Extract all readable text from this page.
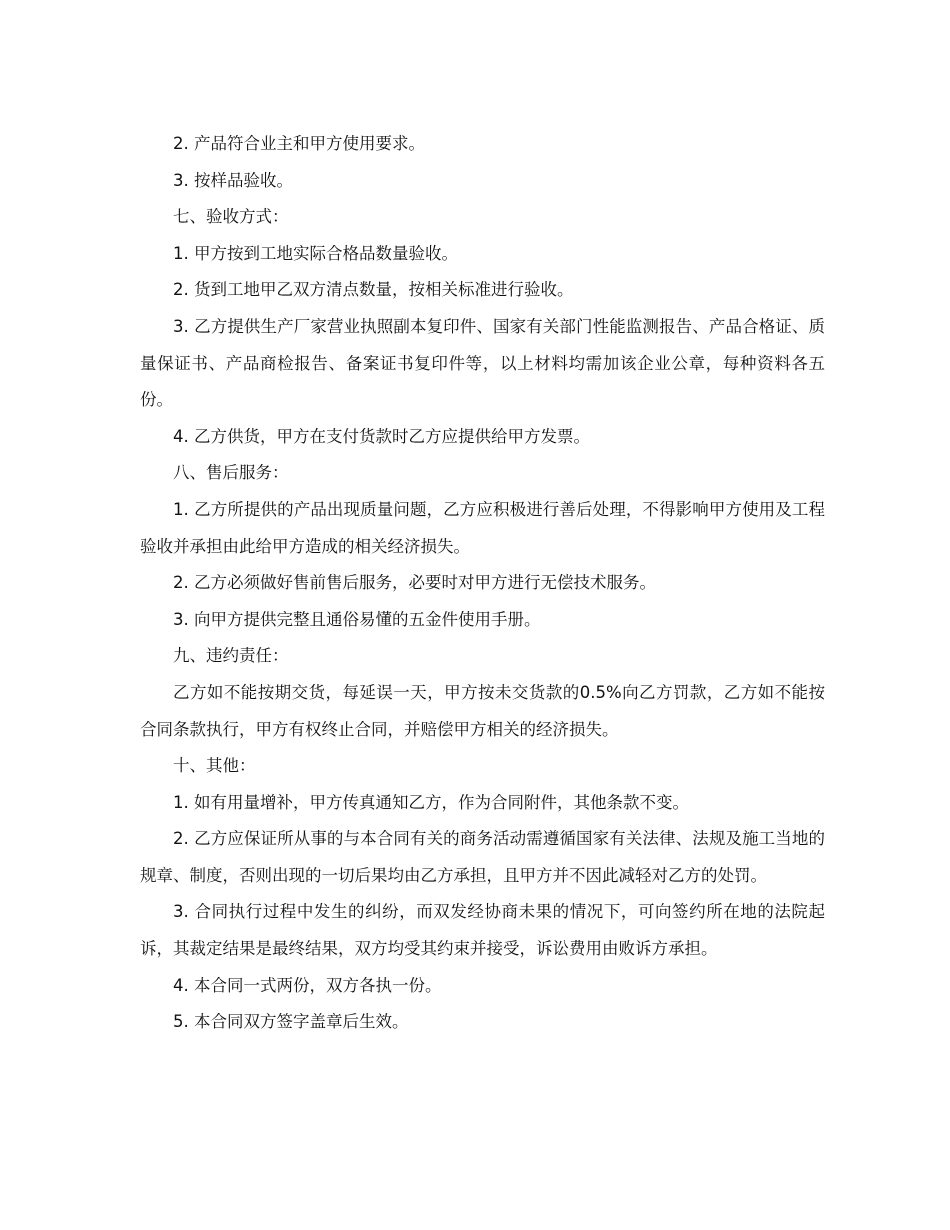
2. 产品符合业主和甲方使用要求。

3. 按样品验收。

七、验收方式：

1. 甲方按到工地实际合格品数量验收。

2. 货到工地甲乙双方清点数量，按相关标准进行验收。

3. 乙方提供生产厂家营业执照副本复印件、国家有关部门性能监测报告、产品合格证、质量保证书、产品商检报告、备案证书复印件等，以上材料均需加该企业公章，每种资料各五份。

4. 乙方供货，甲方在支付货款时乙方应提供给甲方发票。

八、售后服务：

1. 乙方所提供的产品出现质量问题，乙方应积极进行善后处理，不得影响甲方使用及工程验收并承担由此给甲方造成的相关经济损失。

2. 乙方必须做好售前售后服务，必要时对甲方进行无偿技术服务。

3. 向甲方提供完整且通俗易懂的五金件使用手册。

九、违约责任：

乙方如不能按期交货，每延误一天，甲方按未交货款的0.5%向乙方罚款，乙方如不能按合同条款执行，甲方有权终止合同，并赔偿甲方相关的经济损失。

十、其他：

1. 如有用量增补，甲方传真通知乙方，作为合同附件，其他条款不变。

2. 乙方应保证所从事的与本合同有关的商务活动需遵循国家有关法律、法规及施工当地的规章、制度，否则出现的一切后果均由乙方承担，且甲方并不因此减轻对乙方的处罚。

3. 合同执行过程中发生的纠纷，而双发经协商未果的情况下，可向签约所在地的法院起诉，其裁定结果是最终结果，双方均受其约束并接受，诉讼费用由败诉方承担。

4. 本合同一式两份，双方各执一份。

5. 本合同双方签字盖章后生效。
